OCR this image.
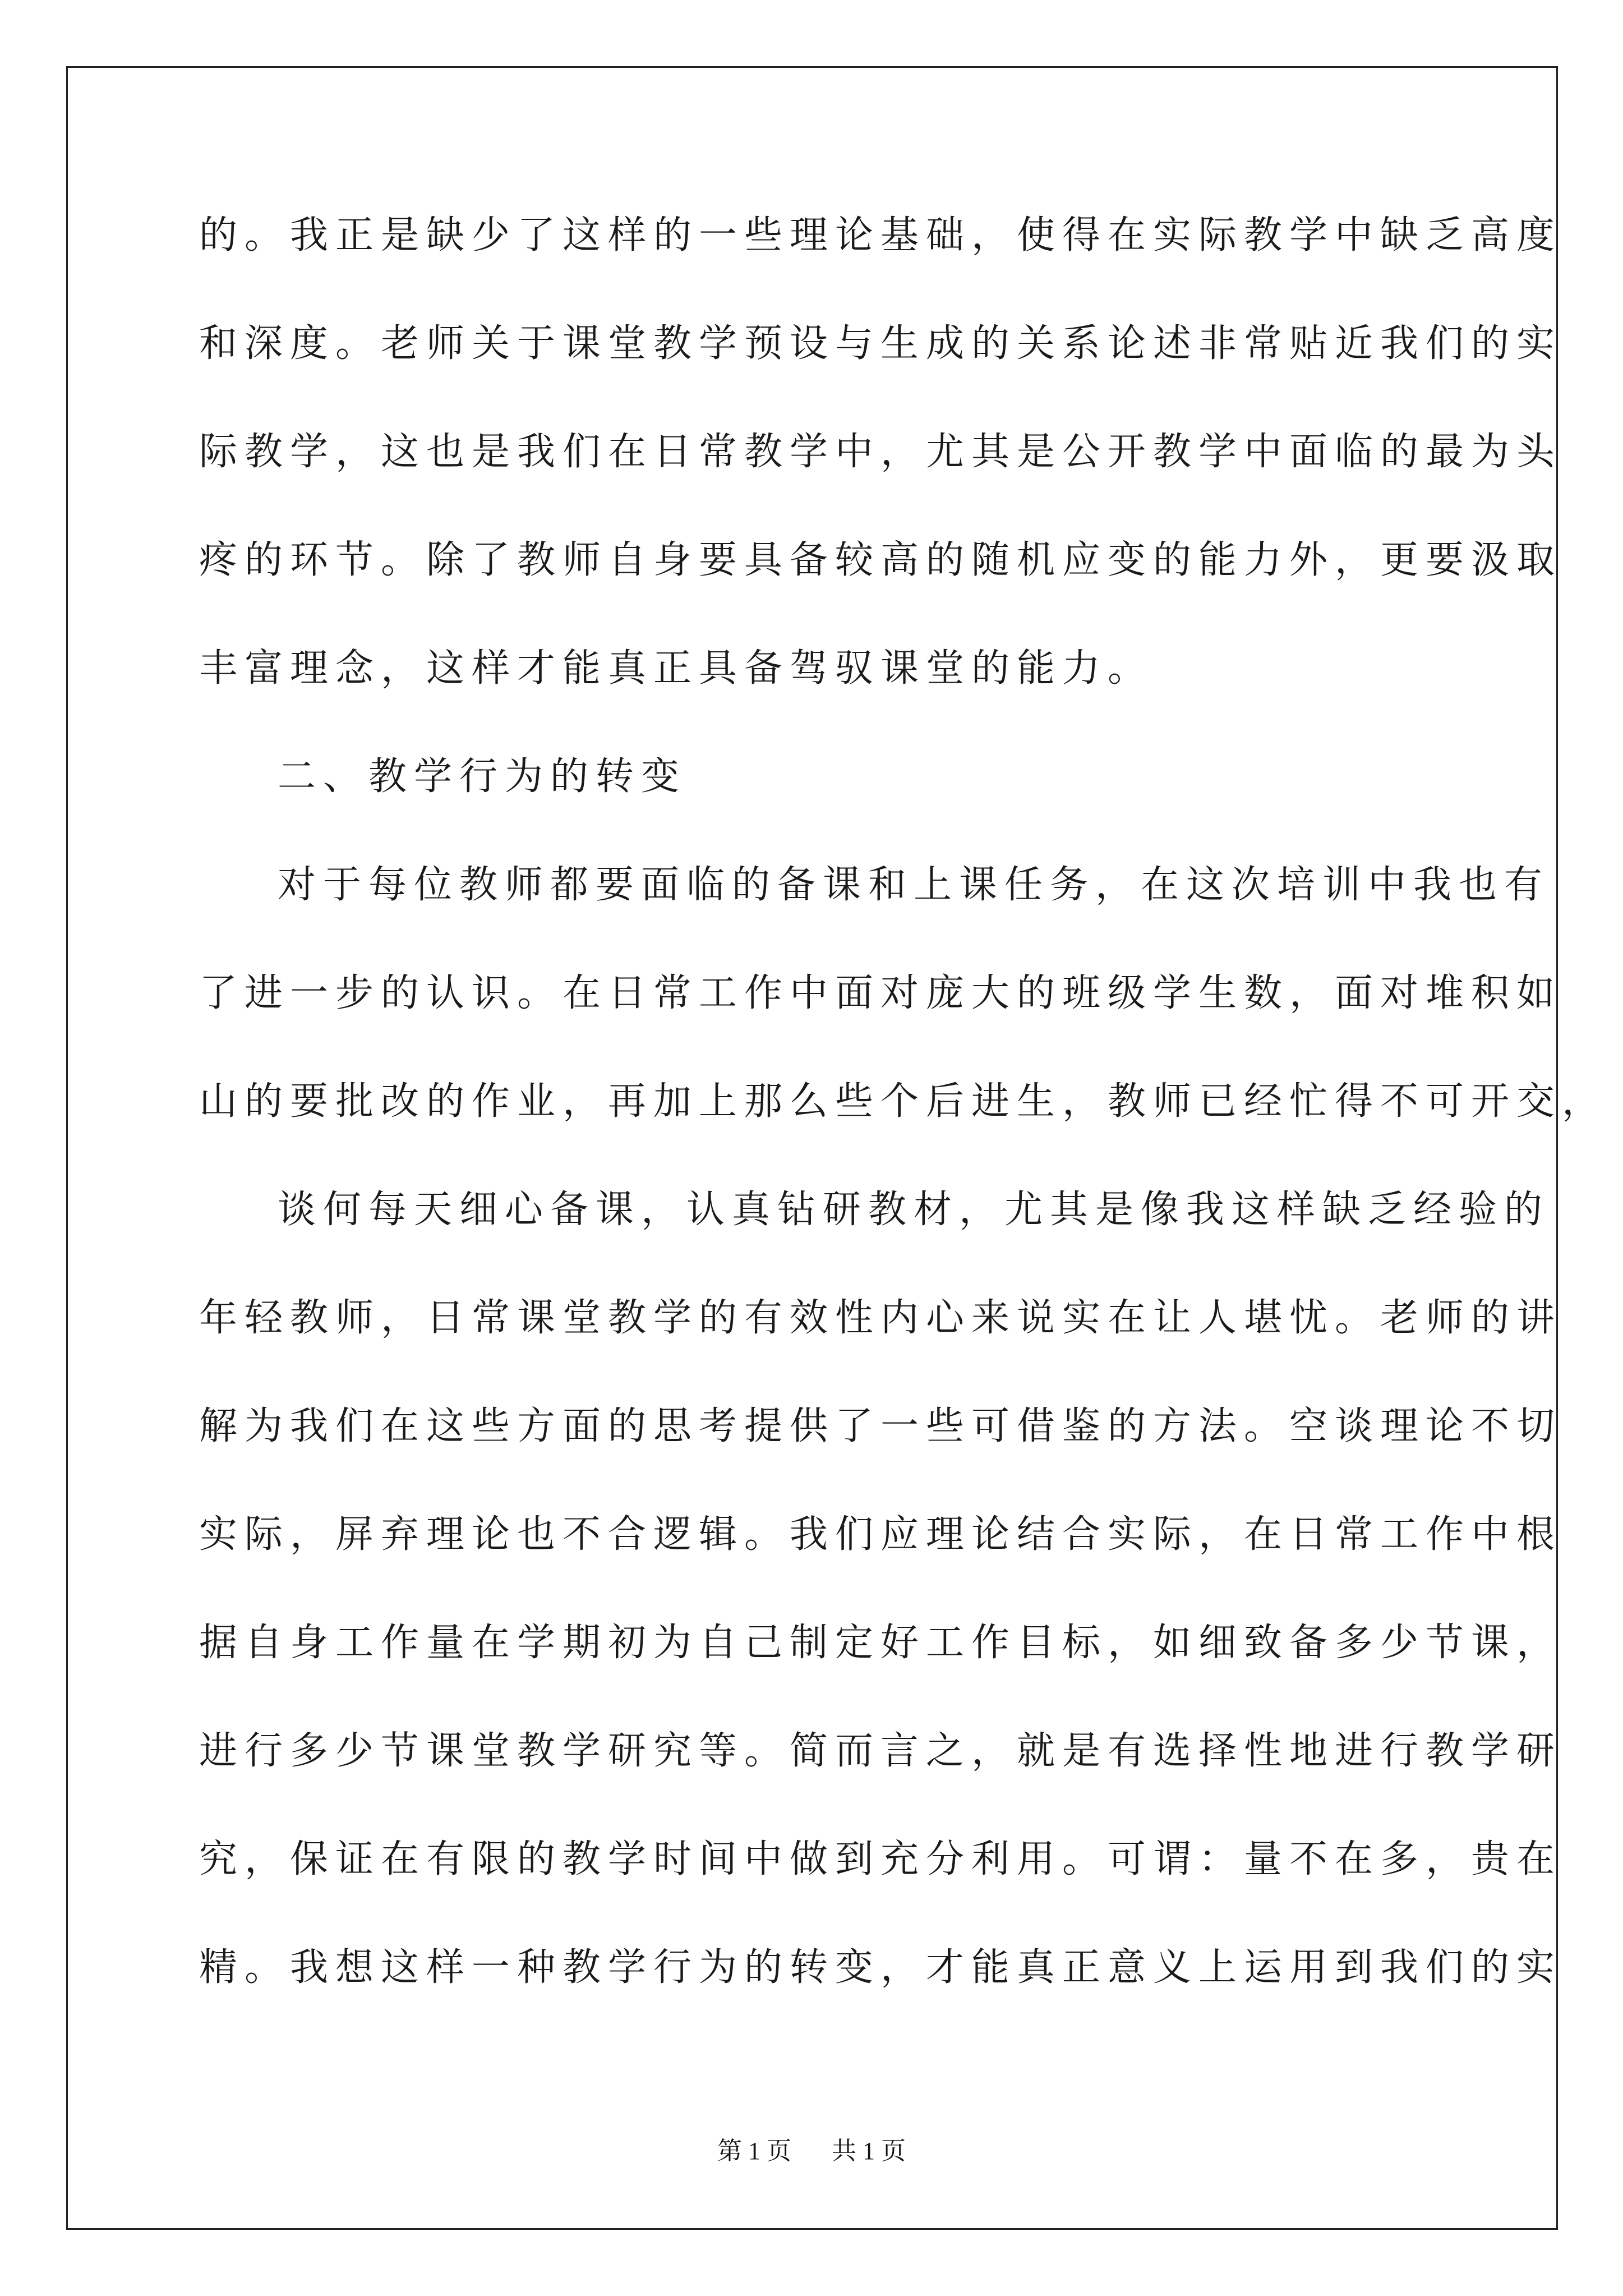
的。我正是缺少了这样的一些理论基础，使得在实际教学中缺乏高度
和深度。老师关于课堂教学预设与生成的关系论述非常贴近我们的实
际教学，这也是我们在日常教学中，尤其是公开教学中面临的最为头
疼的环节。除了教师自身要具备较高的随机应变的能力外，更要汲取
丰富理念，这样才能真正具备驾驭课堂的能力。
二、教学行为的转变
对于每位教师都要面临的备课和上课任务，在这次培训中我也有
了进一步的认识。在日常工作中面对庞大的班级学生数，面对堆积如
山的要批改的作业，再加上那么些个后进生，教师已经忙得不可开交，
谈何每天细心备课，认真钻研教材，尤其是像我这样缺乏经验的
年轻教师，日常课堂教学的有效性内心来说实在让人堪忧。老师的讲
解为我们在这些方面的思考提供了一些可借鉴的方法。空谈理论不切
实际，屏弃理论也不合逻辑。我们应理论结合实际，在日常工作中根
据自身工作量在学期初为自己制定好工作目标，如细致备多少节课，
进行多少节课堂教学研究等。简而言之，就是有选择性地进行教学研
究，保证在有限的教学时间中做到充分利用。可谓：量不在多，贵在
精。我想这样一种教学行为的转变，才能真正意义上运用到我们的实
第 1 页 共 1 页
